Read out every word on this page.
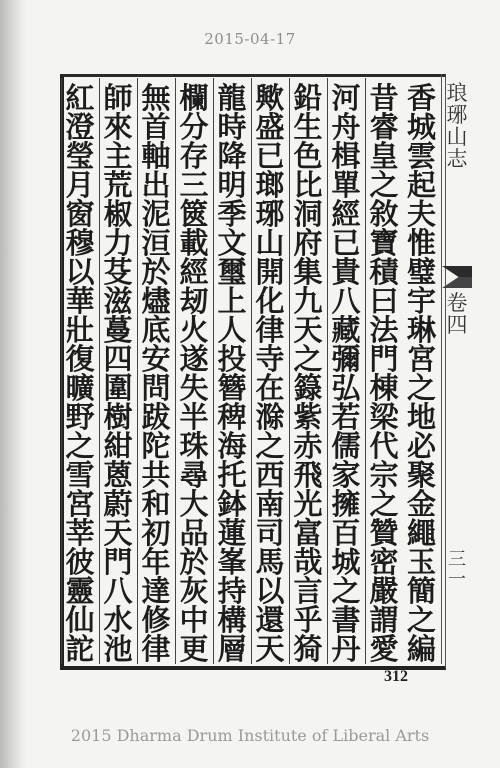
2015-04-17
香
城
雲
起
夫
惟
璧
宇
琳
宮
之
地
必
聚
金
繩
玉
簡
之
編
昔
睿
皇
之
敘
寶
積
曰
法
門
棟
梁
代
宗
之
贊
密
嚴
謂
愛
河
舟
楫
單
經
已
貴
八
藏
彌
弘
若
儒
家
擁
百
城
之
書
丹
鉛
生
色
比
洞
府
集
九
天
之
籙
紫
赤
飛
光
富
哉
言
乎
猗
歟
盛
已
瑯
琊
山
開
化
律
寺
在
滁
之
西
南
司
馬
以
還
天
龍
時
降
明
季
文
璽
上
人
投
簪
稗
海
托
鉢
蓮
峯
持
構
層
欄
分
存
三
篋
載
經
刼
火
遂
失
半
珠
尋
大
品
於
灰
中
更
無
首
軸
出
泥
洹
於
燼
底
安
問
跋
陀
共
和
初
年
達
修
律
師
來
主
荒
椒
力
芟
滋
蔓
四
圍
樹
紺
蒽
蔚
天
門
八
水
池
紅
澄
瑩
月
窗
穆
以
華
壯
復
曠
野
之
雪
宮
莘
彼
靈
仙
詑
琅
琊
山
志
卷
四
三
一
312
2015 Dharma Drum Institute of Liberal Arts
